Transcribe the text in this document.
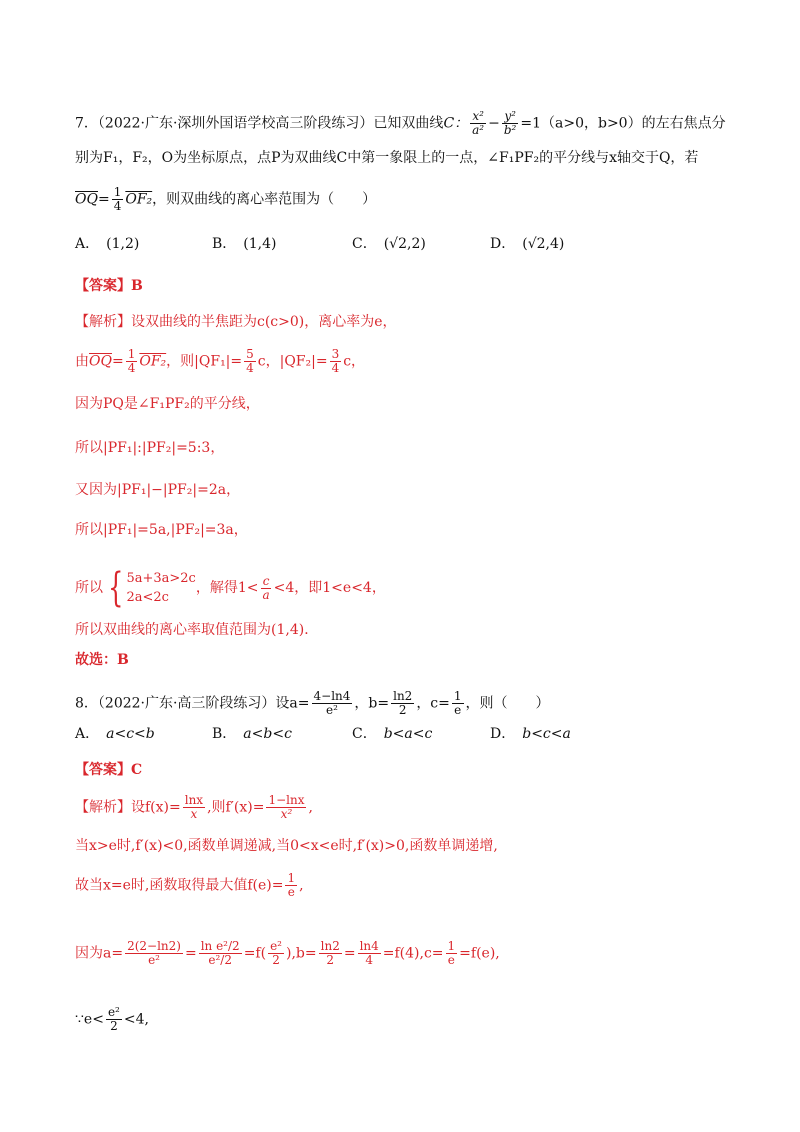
7．（2022·广东·深圳外国语学校高三阶段练习）已知双曲线C： $\frac{\text{x²}}{\text{a²}} - \frac{\text{y²}}{\text{b²}} =1(a>0$，b>0）的左右焦点分
别为F₁，F₂，O为坐标原点，点P为双曲线C中第一象限上的一点，∠F₁PF₂的平分线与x轴交于Q，若
$\overline{OQ}= \frac{1}{4} OF_2$，则双曲线的离心率范围为（　　）
A．　 (1,2)	B．　 (1,4)	C．　 (√2,2)	D．　 (√2,4)
【答案】B
【解析】设双曲线的半焦距为c(c>0)，离心率为e，
由$\overline{OQ}= \frac{1}{4} OF_2$，则$|QF_1|= \frac{5}{4}$ c，$|QF_2|= \frac{3}{4}$ c，
因为PQ是∠F₁PF₂的平分线，
所以|PF₁|:|PF₂|=5:3，
又因为|PF₁|−|PF₂|=2a，
所以|PF₁|=5a,|PF₂|=3a，
所以 { 5a+3a>2c
2a<2c
，解得$1< \frac{c}{a} <4$，即1<e<4，
所以双曲线的离心率取值范围为(1,4)．
故选：B
8．（2022·广东·高三阶段练习）设$a= \frac{4-\ln 4}{\text{e²}}$ ，$b= \frac{\ln 2}{2}$ ，$c= \frac{1}{e}$ ，则（　　）
A．　 a<c<b	B．　 a<b<c	C．　 b<a<c	D．　 b<c<a
【答案】C
【解析】设$f(x)= \frac{\ln x}{x}$ ,则$f'(x)= \frac{1-\ln x}{\text{x²}}$ ,
当x>e时,f′(x)<0,函数单调递减,当0<x<e时,f′(x)>0,函数单调递增,
故当x=e时,函数取得最大值$f(e)= \frac{1}{e}$ ,
因为$a= \frac{2(2-\ln 2)}{\text{e²}} = \frac{\text{ln e²/2}}{\text{e²/2}} =f( \frac{\text{e²}}{2} ),b= \frac{\ln 2}{2} = \frac{\ln 4}{4} =f(4),c= \frac{1}{e} =f(e)$,
∵e< $\frac{\text{e²}}{2} <4$,
